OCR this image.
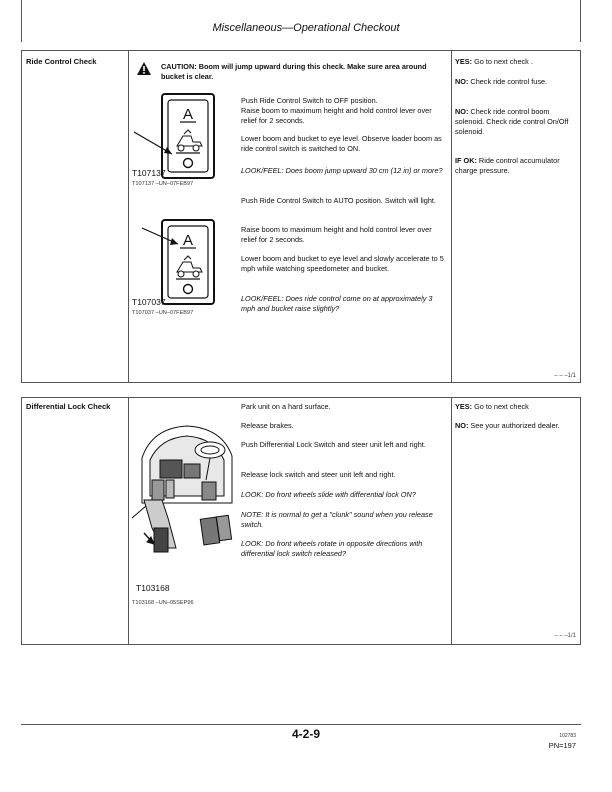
Miscellaneous—Operational Checkout
Ride Control Check
CAUTION: Boom will jump upward during this check. Make sure area around bucket is clear.
A
T107137
T107137 –UN–07FEB97
A
T107037
T107037 –UN–07FEB97
Push Ride Control Switch to OFF position.
Raise boom to maximum height and hold control lever over relief for 2 seconds.
Lower boom and bucket to eye level. Observe loader boom as ride control switch is switched to ON.
LOOK/FEEL: Does boom jump upward 30 cm (12 in) or more?
Push Ride Control Switch to AUTO position. Switch will light.
Raise boom to maximum height and hold control lever over relief for 2 seconds.
Lower boom and bucket to eye level and slowly accelerate to 5 mph while watching speedometer and bucket.
LOOK/FEEL: Does ride control come on at approximately 3 mph and bucket raise slightly?
YES: Go to next check .
NO: Check ride control fuse.
NO: Check ride control boom solenoid. Check ride control On/Off solenoid.
IF OK: Ride control accumulator charge pressure.
– – –1/1
Differential Lock Check
T103168
T103168 –UN–05SEP96
Park unit on a hard surface.
Release brakes.
Push Differential Lock Switch and steer unit left and right.
Release lock switch and steer unit left and right.
LOOK: Do front wheels slide with differential lock ON?
NOTE: It is normal to get a "clunk" sound when you release switch.
LOOK: Do front wheels rotate in opposite directions with differential lock switch released?
YES: Go to next check
NO: See your authorized dealer.
– – –1/1
4-2-9	102783
PN=197
